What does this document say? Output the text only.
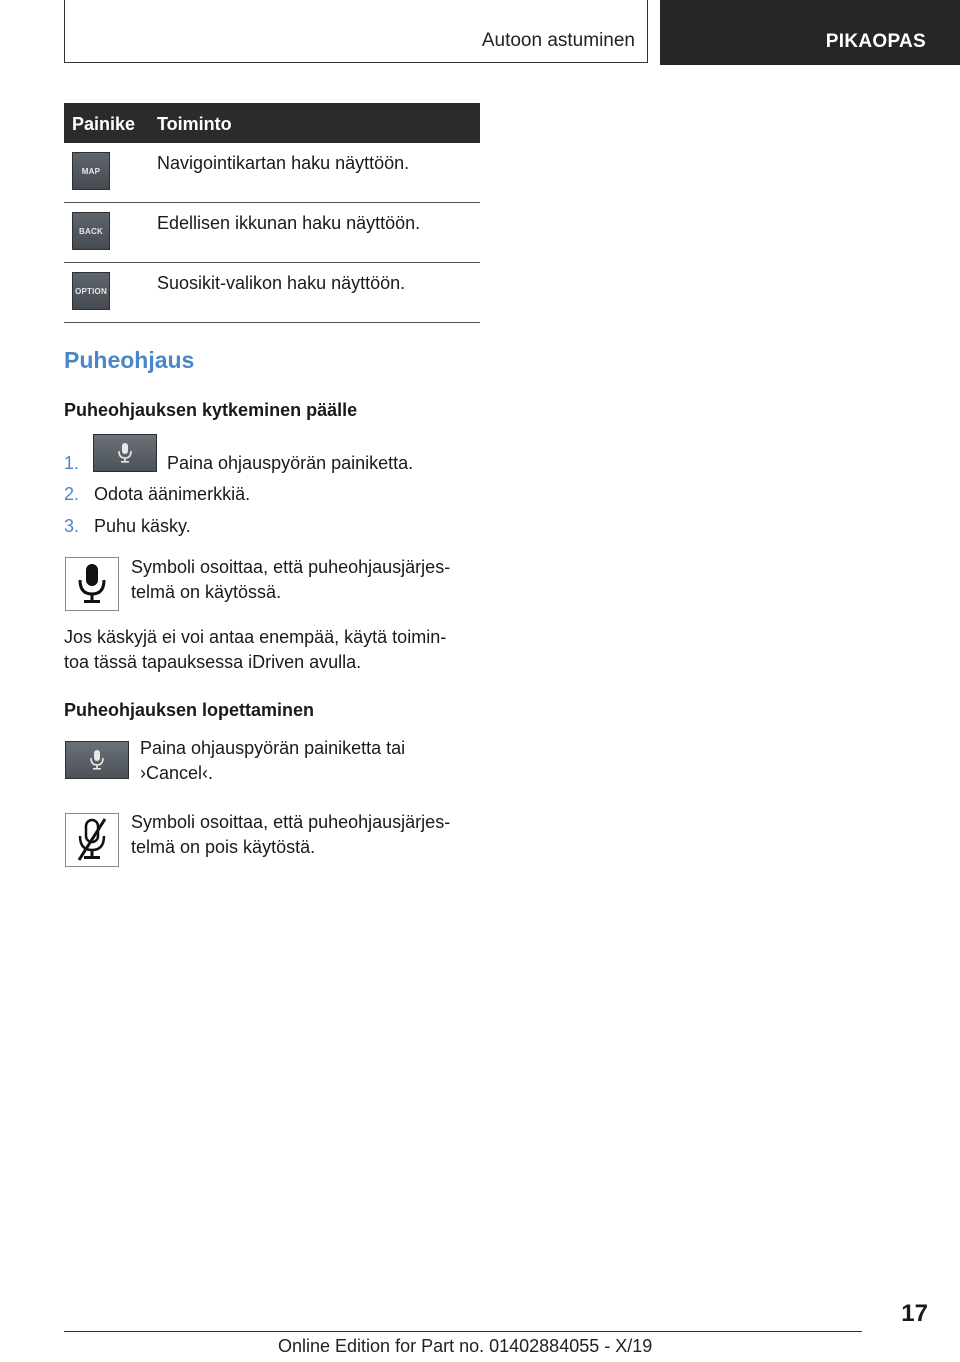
Autoon astuminen	PIKAOPAS
Painike Toiminto
MAP	Navigointikartan haku näyttöön.
BACK	Edellisen ikkunan haku näyttöön.
OPTION	Suosikit-valikon haku näyttöön.
Puheohjaus
Puheohjauksen kytkeminen päälle
1.	Paina ohjauspyörän painiketta.
2. Odota äänimerkkiä.
3. Puhu käsky.
Symboli osoittaa, että puheohjausjärjes-
telmä on käytössä.
Jos käskyjä ei voi antaa enempää, käytä toimin-
toa tässä tapauksessa iDriven avulla.
Puheohjauksen lopettaminen
Paina ohjauspyörän painiketta tai
›Cancel‹.
Symboli osoittaa, että puheohjausjärjes-
telmä on pois käytöstä.
17
Online Edition for Part no. 01402884055 - X/19
